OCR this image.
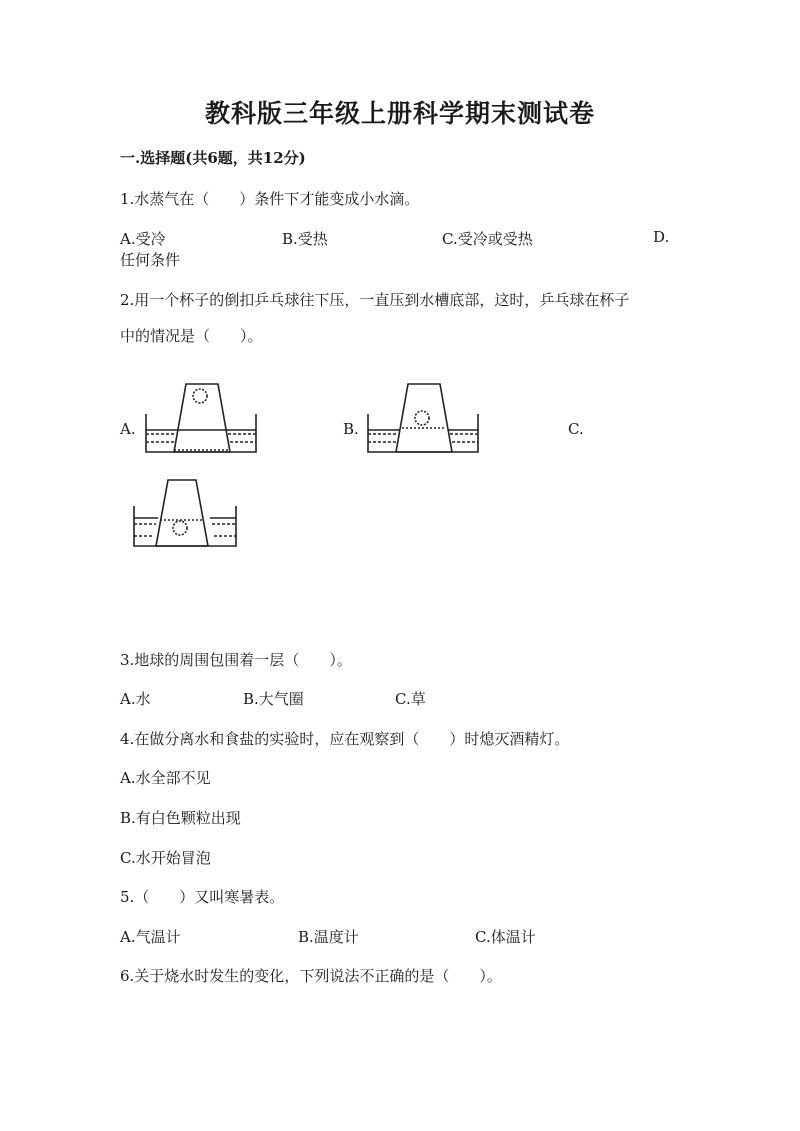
教科版三年级上册科学期末测试卷
一.选择题(共6题，共12分)
1.水蒸气在（　　）条件下才能变成小水滴。
A.受冷	B.受热	C.受冷或受热	D.
任何条件
2.用一个杯子的倒扣乒乓球往下压，一直压到水槽底部，这时，乒乓球在杯子
中的情况是（　　）。
A.	B.	C.
3.地球的周围包围着一层（　　）。
A.水	B.大气圈	C.草
4.在做分离水和食盐的实验时，应在观察到（　　）时熄灭酒精灯。
A.水全部不见
B.有白色颗粒出现
C.水开始冒泡
5.（　　）又叫寒暑表。
A.气温计	B.温度计	C.体温计
6.关于烧水时发生的变化，下列说法不正确的是（　　）。
